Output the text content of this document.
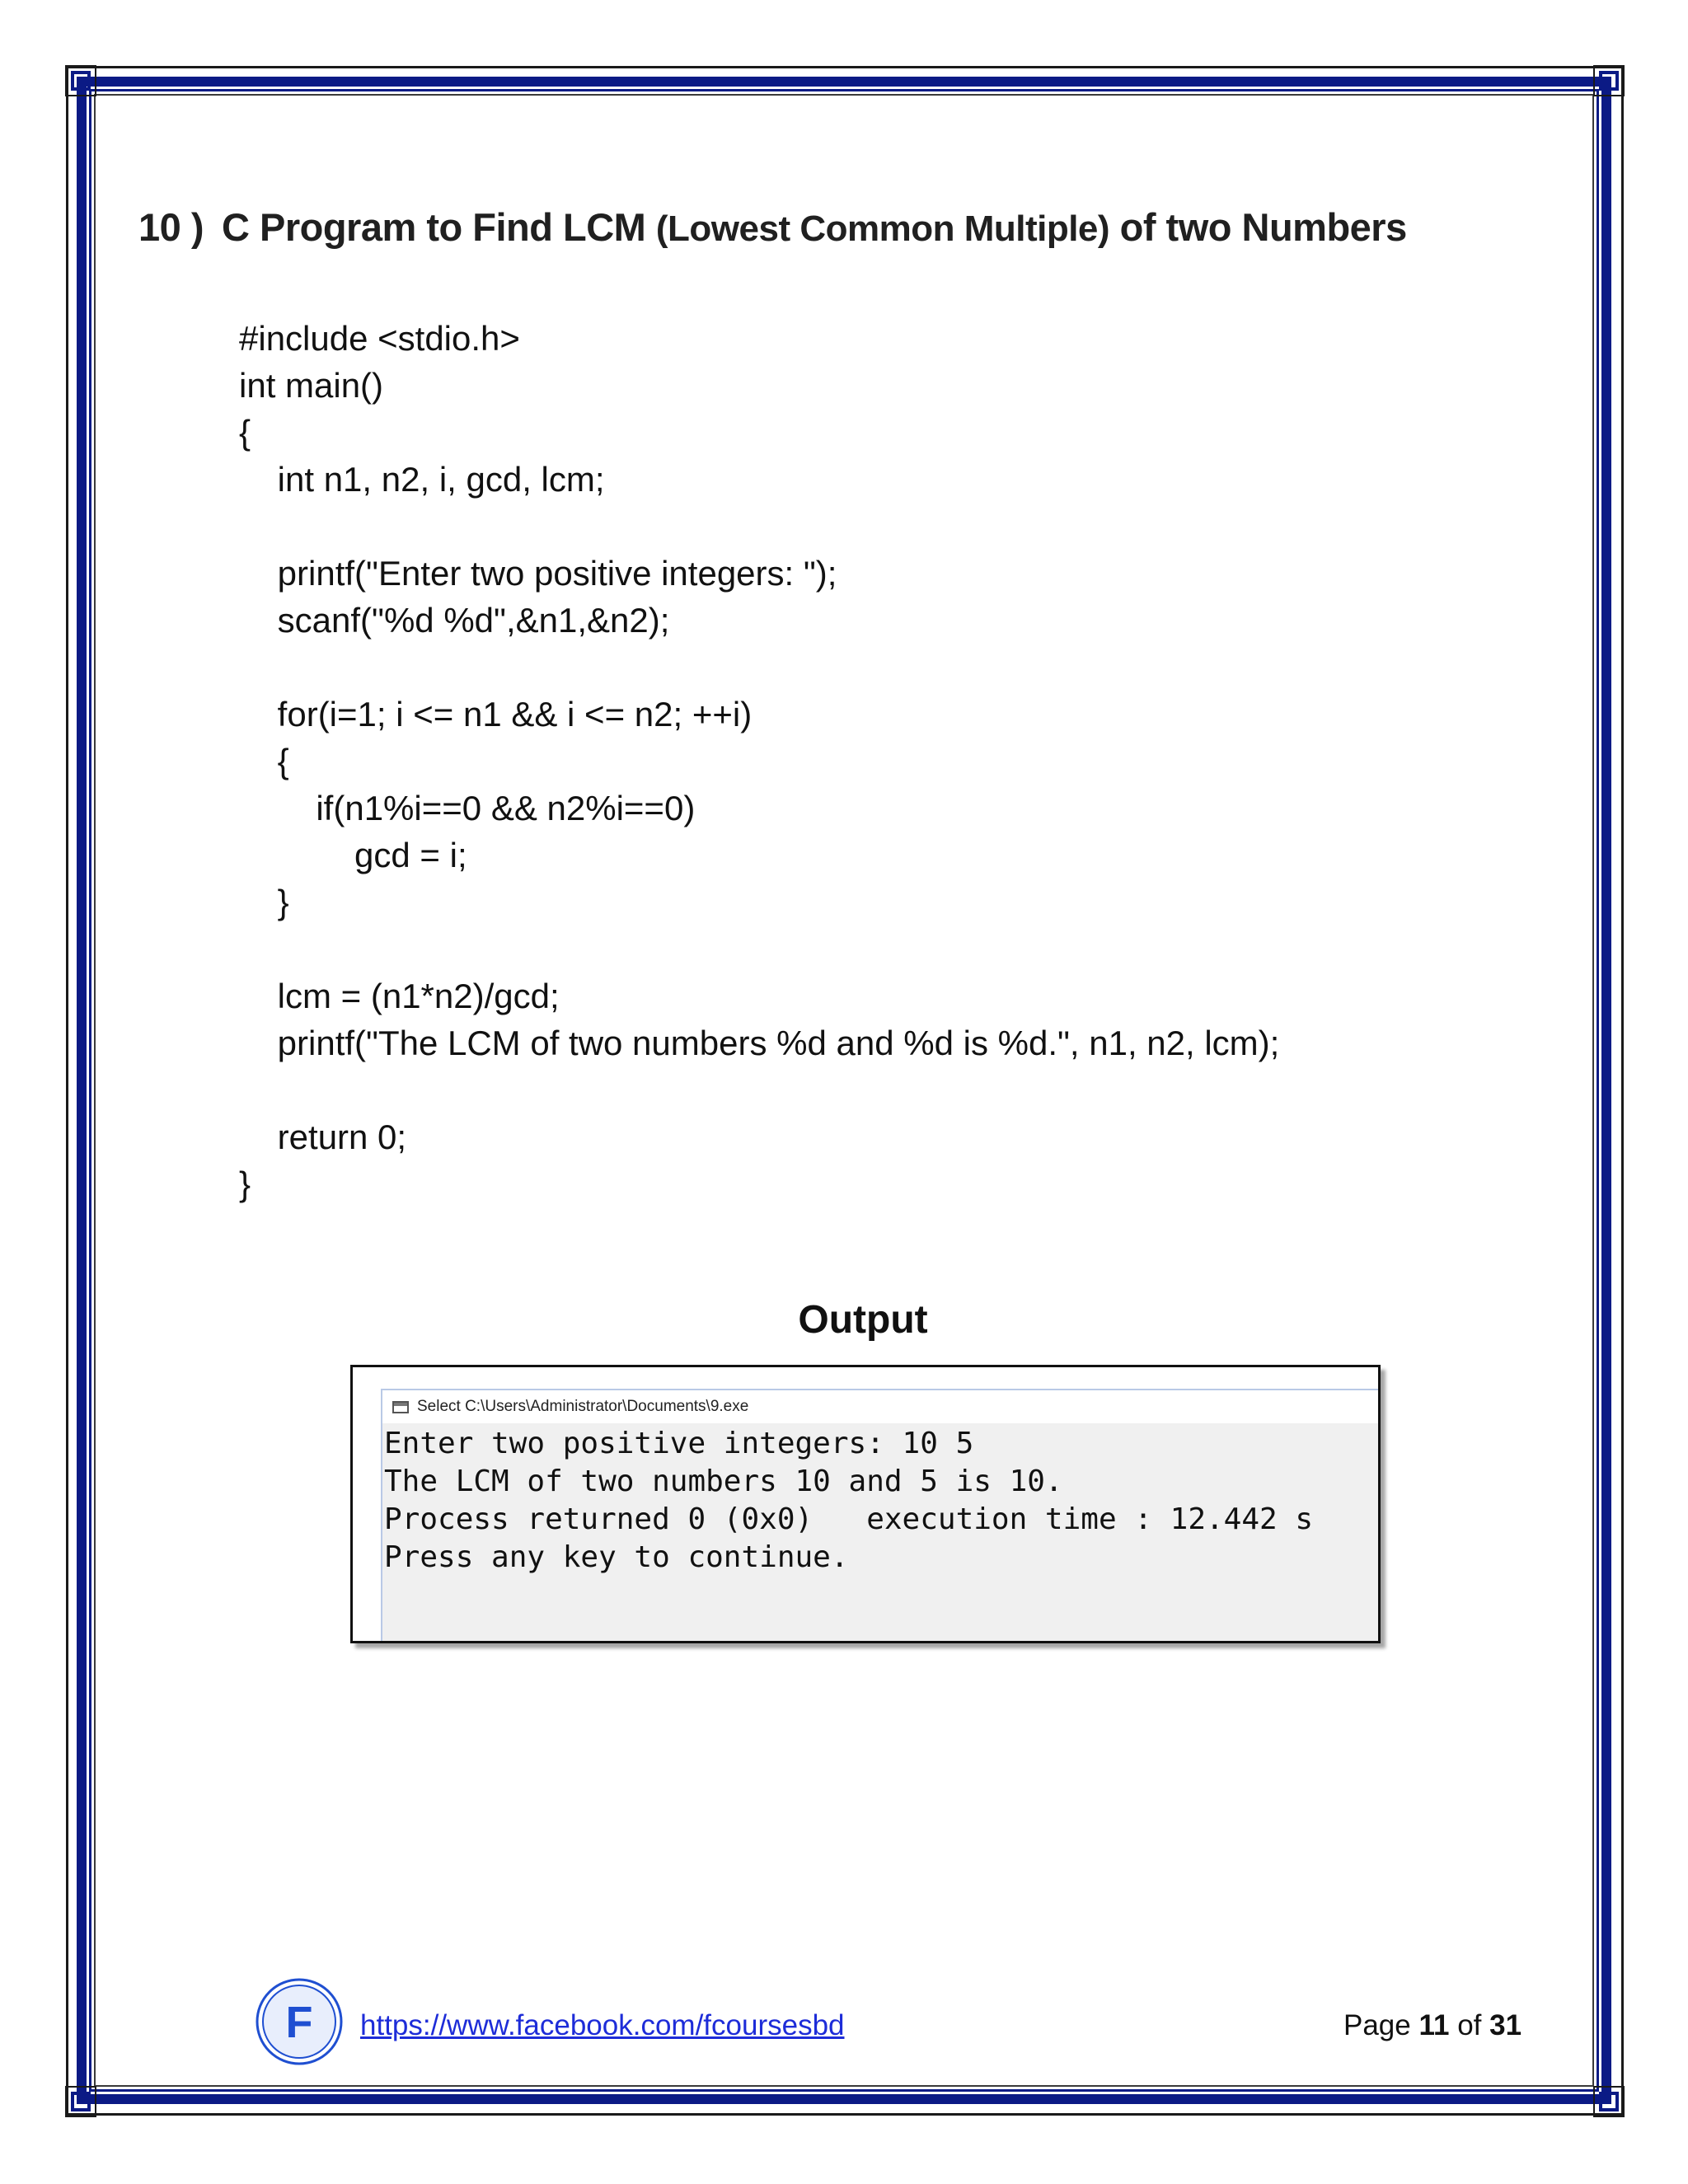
10 ) C Program to Find LCM (Lowest Common Multiple) of two Numbers
#include <stdio.h>
int main()
{
int n1, n2, i, gcd, lcm;
printf("Enter two positive integers: ");
scanf("%d %d",&n1,&n2);
for(i=1; i <= n1 && i <= n2; ++i)
{
if(n1%i==0 && n2%i==0)
gcd = i;
}
lcm = (n1*n2)/gcd;
printf("The LCM of two numbers %d and %d is %d.", n1, n2, lcm);
return 0;
}
Output
Select C:\Users\Administrator\Documents\9.exe
Enter two positive integers: 10 5
The LCM of two numbers 10 and 5 is 10.
Process returned 0 (0x0)   execution time : 12.442 s
Press any key to continue.
F https://www.facebook.com/fcoursesbd	Page 11 of 31
